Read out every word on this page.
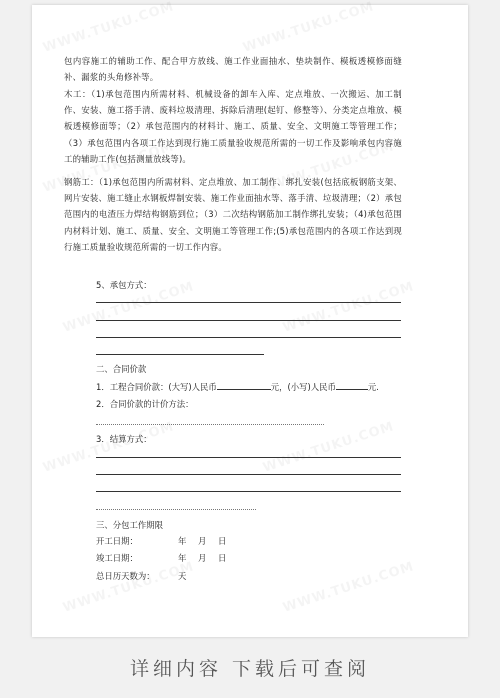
包内容施工的辅助工作、配合甲方放线、施工作业面抽水、垫块制作、模板透模修面缝补、漏浆的头角修补等。
木工：（1)承包范围内所需材料、机械设备的卸车入库、定点堆放、一次搬运、加工制作、安装、施工搭手清、废料垃圾清理、拆除后清理(起钉、修整等）、分类定点堆放、模板透模修面等；（2）承包范围内的材料计、施工、质量、安全、文明施工等管理工作；（3）承包范围内各项工作达到现行施工质量验收规范所需的一切工作及影响承包内容施工的辅助工作(包括测量放线等)。
钢筋工：（1)承包范围内所需材料、定点堆放、加工制作、绑扎安装(包括底板钢筋支架、网片安装、施工缝止水钢板焊制安装、施工作业面抽水等、落手清、垃圾清理；（2）承包范围内的电渣压力焊结构钢筋到位；（3）二次结构钢筋加工制作绑扎安装；（4)承包范围内材料计划、施工、质量、安全、文明施工等管理工作;(5)承包范围内的各项工作达到现行施工质量验收规范所需的一切工作内容。
5、承包方式：
二、合同价款
1．工程合同价款：(大写)人民币	元，(小写)人民币	元.
2．合同价款的计价方法：
3．结算方式：
三、分包工作期限
开工日期：	年 月 日
竣工日期：	年 月 日
总日历天数为：	天
详细内容 下载后可查阅
